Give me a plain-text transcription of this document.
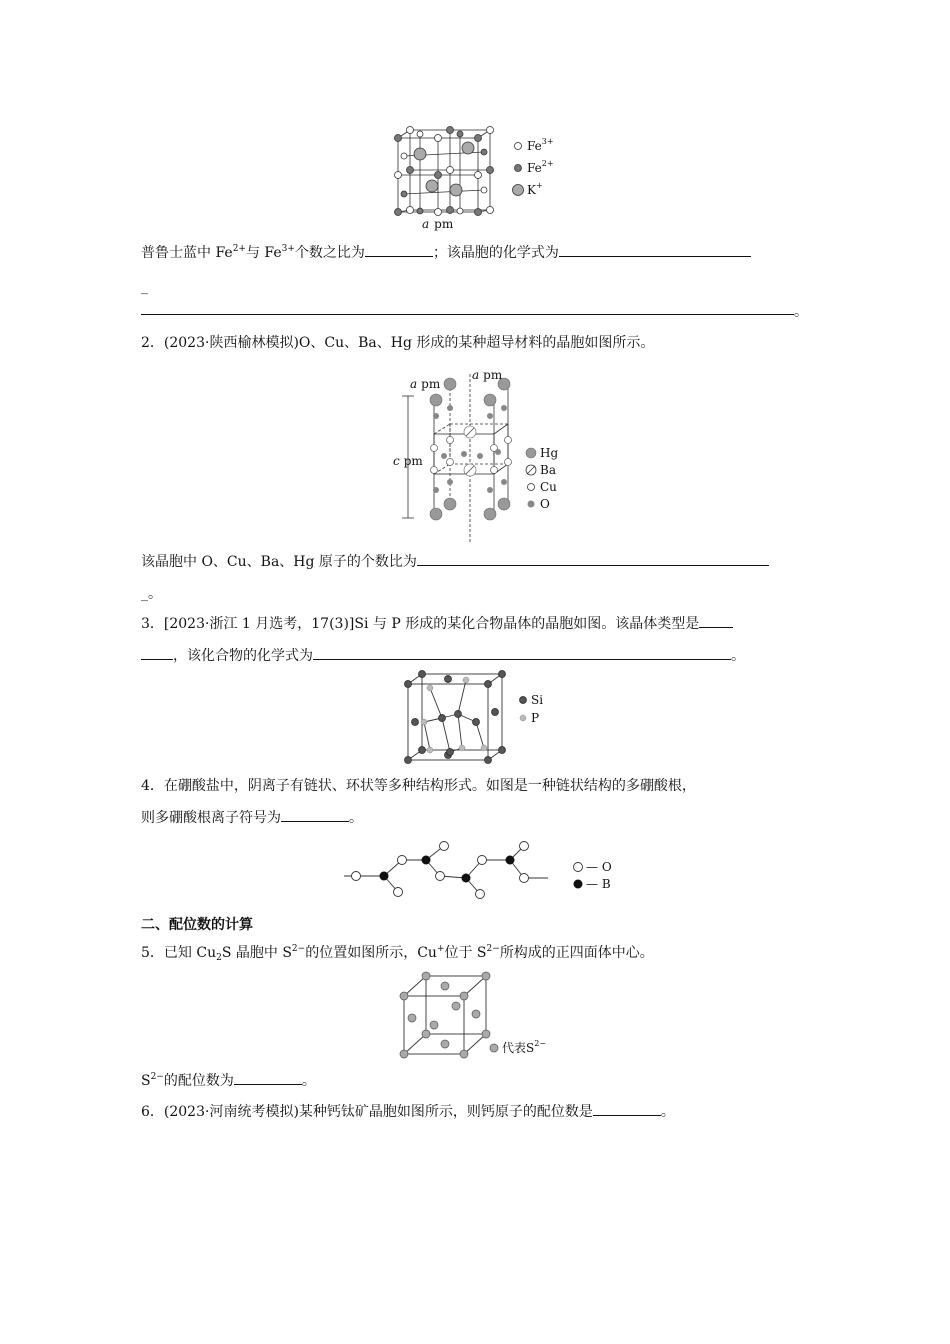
$Fe^{3+}$
$Fe^{2+}$
K+
a pm
普鲁士蓝中 $Fe^{2+}$与 $Fe^{3+}$个数之比为	；该晶胞的化学式为
_
。
2．(2023·陕西榆林模拟)O、Cu、Ba、Hg 形成的某种超导材料的晶胞如图所示。
a pm
a pm
c pm
Hg
Ba
Cu
O
该晶胞中 O、Cu、Ba、Hg 原子的个数比为
_。
3．[2023·浙江 1 月选考，17(3)]Si 与 P 形成的某化合物晶体的晶胞如图。该晶体类型是
，该化合物的化学式为	。
Si
P
4．在硼酸盐中，阴离子有链状、环状等多种结构形式。如图是一种链状结构的多硼酸根，
则多硼酸根离子符号为	。
— O
— B
二、配位数的计算
5．已知 $Cu_2S$ 晶胞中 $S^{2-}$的位置如图所示，Cu+位于 $S^{2-}$所构成的正四面体中心。
代表$S^{2-}$
$S^{2-}$的配位数为	。
6．(2023·河南统考模拟)某种钙钛矿晶胞如图所示，则钙原子的配位数是	。
